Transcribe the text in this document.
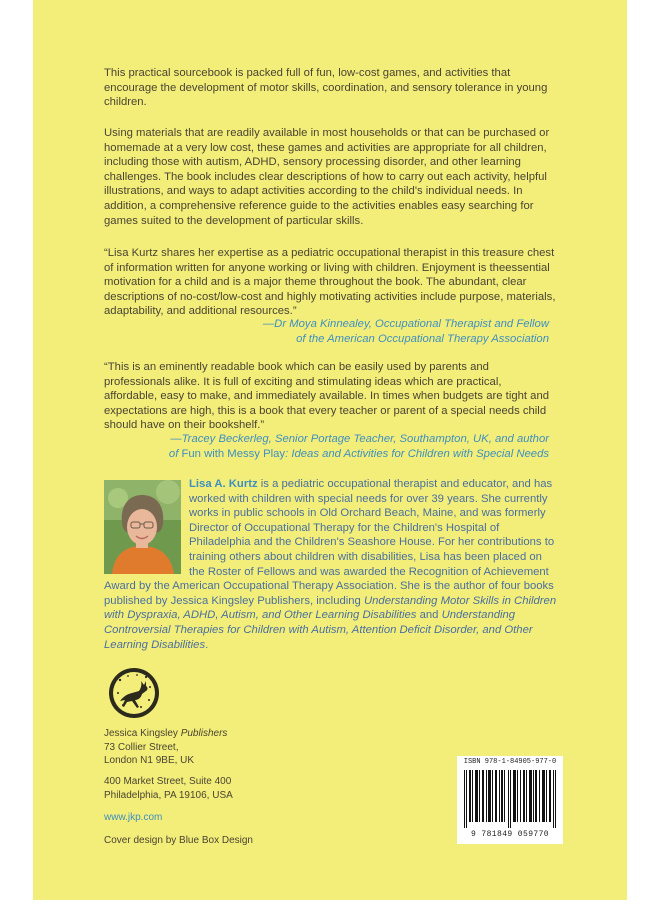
This practical sourcebook is packed full of fun, low-cost games, and activities that encourage the development of motor skills, coordination, and sensory tolerance in young children.

Using materials that are readily available in most households or that can be purchased or homemade at a very low cost, these games and activities are appropriate for all children, including those with autism, ADHD, sensory processing disorder, and other learning challenges. The book includes clear descriptions of how to carry out each activity, helpful illustrations, and ways to adapt activities according to the child's individual needs. In addition, a comprehensive reference guide to the activities enables easy searching for games suited to the development of particular skills.

“Lisa Kurtz shares her expertise as a pediatric occupational therapist in this treasure chest of information written for anyone working or living with children. Enjoyment is theessential motivation for a child and is a major theme throughout the book. The abundant, clear descriptions of no-cost/low-cost and highly motivating activities include purpose, materials, adaptability, and additional resources.”

—Dr Moya Kinnealey, Occupational Therapist and Fellow
of the American Occupational Therapy Association

“This is an eminently readable book which can be easily used by parents and professionals alike. It is full of exciting and stimulating ideas which are practical, affordable, easy to make, and immediately available. In times when budgets are tight and expectations are high, this is a book that every teacher or parent of a special needs child should have on their bookshelf.”

—Tracey Beckerleg, Senior Portage Teacher, Southampton, UK, and author
of Fun with Messy Play: Ideas and Activities for Children with Special Needs

Lisa A. Kurtz is a pediatric occupational therapist and educator, and has worked with children with special needs for over 39 years. She currently works in public schools in Old Orchard Beach, Maine, and was formerly Director of Occupational Therapy for the Children's Hospital of Philadelphia and the Children's Seashore House. For her contributions to training others about children with disabilities, Lisa has been placed on the Roster of Fellows and was awarded the Recognition of Achievement Award by the American Occupational Therapy Association. She is the author of four books published by Jessica Kingsley Publishers, including Understanding Motor Skills in Children with Dyspraxia, ADHD, Autism, and Other Learning Disabilities and Understanding Controversial Therapies for Children with Autism, Attention Deficit Disorder, and Other Learning Disabilities.

Jessica Kingsley Publishers
73 Collier Street,
London N1 9BE, UK

400 Market Street, Suite 400
Philadelphia, PA 19106, USA

www.jkp.com
Cover design by Blue Box Design
ISBN 978-1-84905-977-0
9 781849 059770
